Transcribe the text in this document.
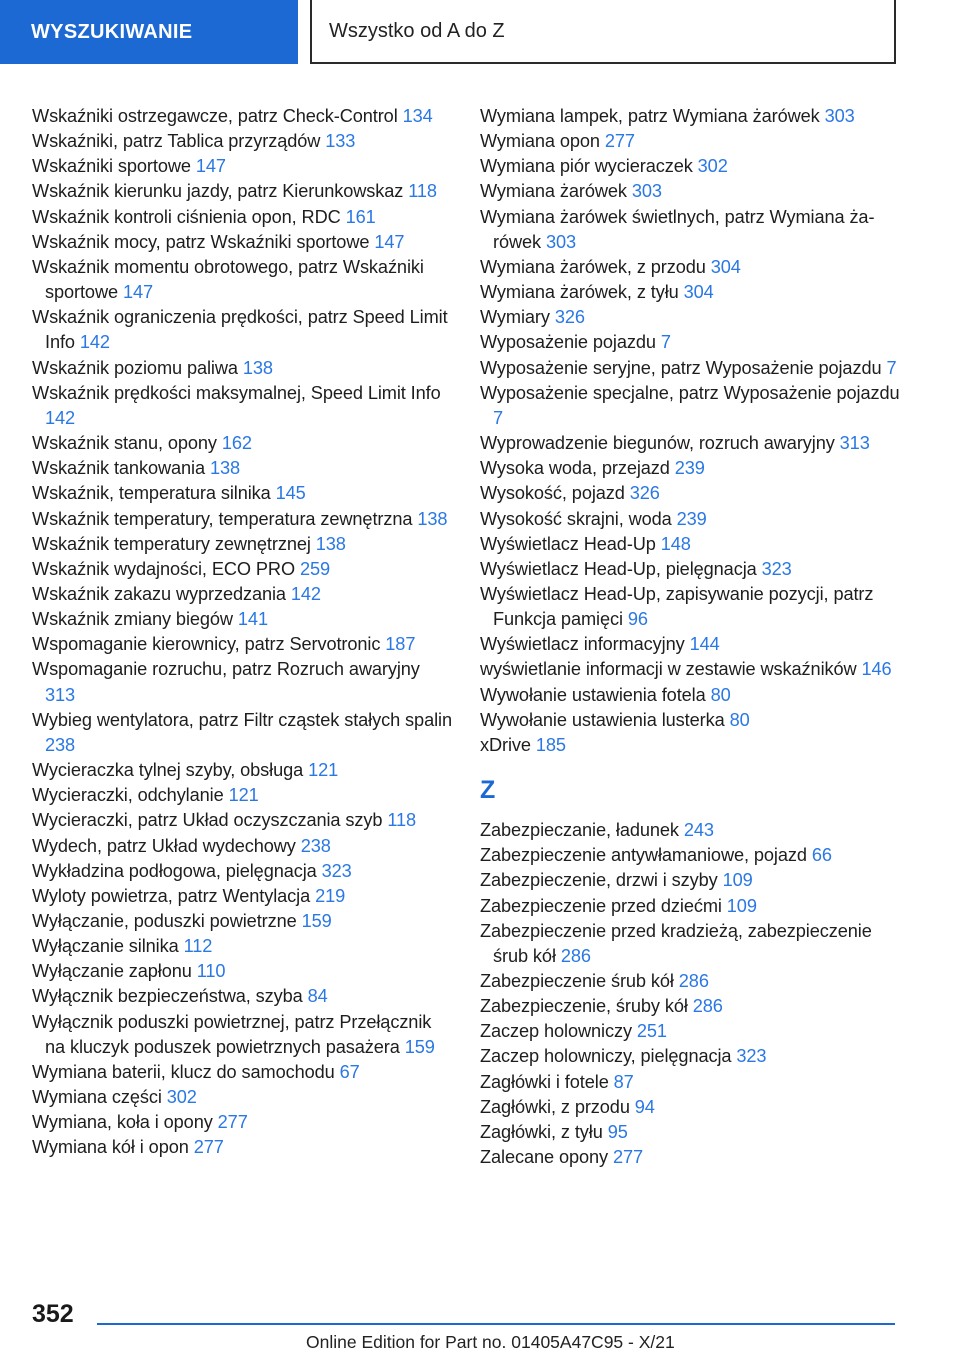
WYSZUKIWANIE	Wszystko od A do Z
Wskaźniki ostrzegawcze, patrz Check-Control 134
Wskaźniki, patrz Tablica przyrządów 133
Wskaźniki sportowe 147
Wskaźnik kierunku jazdy, patrz Kierunkowskaz 118
Wskaźnik kontroli ciśnienia opon, RDC 161
Wskaźnik mocy, patrz Wskaźniki sportowe 147
Wskaźnik momentu obrotowego, patrz Wskaźniki sportowe 147
Wskaźnik ograniczenia prędkości, patrz Speed Limit Info 142
Wskaźnik poziomu paliwa 138
Wskaźnik prędkości maksymalnej, Speed Limit Info 142
Wskaźnik stanu, opony 162
Wskaźnik tankowania 138
Wskaźnik, temperatura silnika 145
Wskaźnik temperatury, temperatura zewnętrzna 138
Wskaźnik temperatury zewnętrznej 138
Wskaźnik wydajności, ECO PRO 259
Wskaźnik zakazu wyprzedzania 142
Wskaźnik zmiany biegów 141
Wspomaganie kierownicy, patrz Servotronic 187
Wspomaganie rozruchu, patrz Rozruch awaryjny 313
Wybieg wentylatora, patrz Filtr cząstek stałych spalin 238
Wycieraczka tylnej szyby, obsługa 121
Wycieraczki, odchylanie 121
Wycieraczki, patrz Układ oczyszczania szyb 118
Wydech, patrz Układ wydechowy 238
Wykładzina podłogowa, pielęgnacja 323
Wyloty powietrza, patrz Wentylacja 219
Wyłączanie, poduszki powietrzne 159
Wyłączanie silnika 112
Wyłączanie zapłonu 110
Wyłącznik bezpieczeństwa, szyba 84
Wyłącznik poduszki powietrznej, patrz Przełącznik na kluczyk poduszek powietrznych pasażera 159
Wymiana baterii, klucz do samochodu 67
Wymiana części 302
Wymiana, koła i opony 277
Wymiana kół i opon 277
Wymiana lampek, patrz Wymiana żarówek 303
Wymiana opon 277
Wymiana piór wycieraczek 302
Wymiana żarówek 303
Wymiana żarówek świetlnych, patrz Wymiana żarówek 303
Wymiana żarówek, z przodu 304
Wymiana żarówek, z tyłu 304
Wymiary 326
Wyposażenie pojazdu 7
Wyposażenie seryjne, patrz Wyposażenie pojazdu 7
Wyposażenie specjalne, patrz Wyposażenie pojazdu 7
Wyprowadzenie biegunów, rozruch awaryjny 313
Wysoka woda, przejazd 239
Wysokość, pojazd 326
Wysokość skrajni, woda 239
Wyświetlacz Head-Up 148
Wyświetlacz Head-Up, pielęgnacja 323
Wyświetlacz Head-Up, zapisywanie pozycji, patrz Funkcja pamięci 96
Wyświetlacz informacyjny 144
wyświetlanie informacji w zestawie wskaźników 146
Wywołanie ustawienia fotela 80
Wywołanie ustawienia lusterka 80
xDrive 185
Z
Zabezpieczanie, ładunek 243
Zabezpieczenie antywłamaniowe, pojazd 66
Zabezpieczenie, drzwi i szyby 109
Zabezpieczenie przed dziećmi 109
Zabezpieczenie przed kradzieżą, zabezpieczenie śrub kół 286
Zabezpieczenie śrub kół 286
Zabezpieczenie, śruby kół 286
Zaczep holowniczy 251
Zaczep holowniczy, pielęgnacja 323
Zagłówki i fotele 87
Zagłówki, z przodu 94
Zagłówki, z tyłu 95
Zalecane opony 277
352
Online Edition for Part no. 01405A47C95 - X/21
